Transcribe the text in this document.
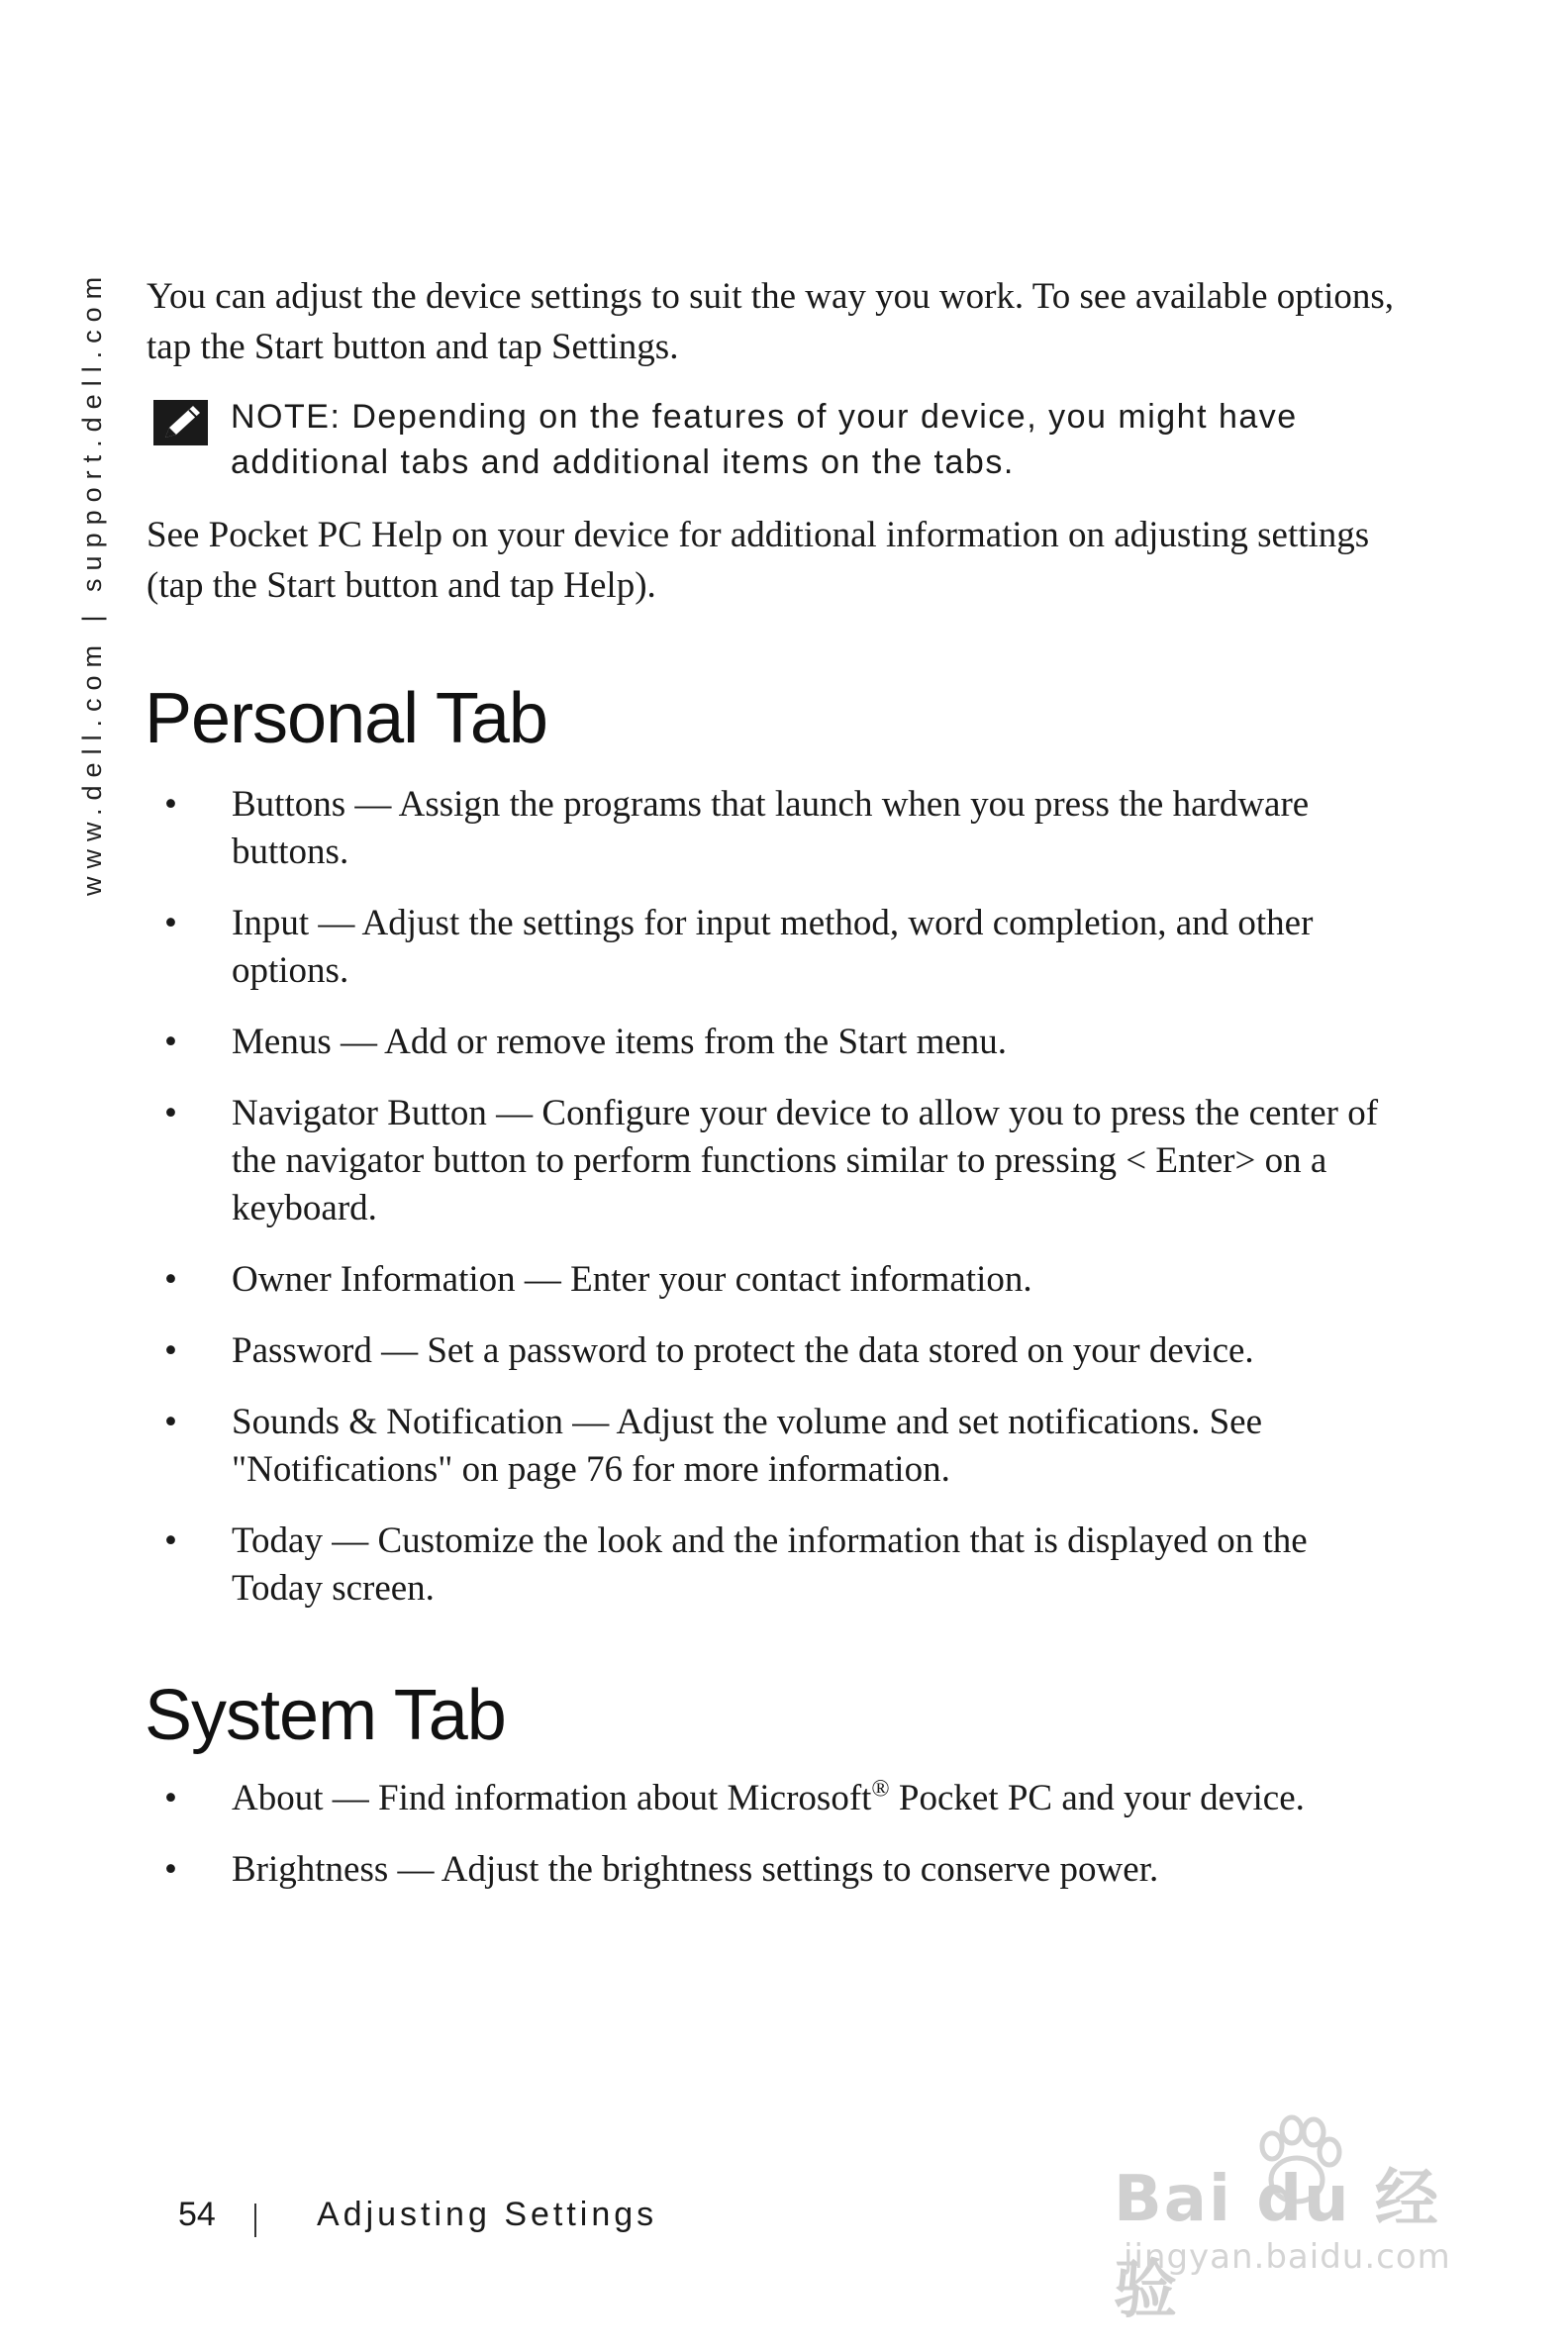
www.dell.com | support.dell.com You can adjust the device settings to suit the way you work. To see available options, tap the Start button and tap Settings.

NOTE: Depending on the features of your device, you might have additional tabs and additional items on the tabs.

See Pocket PC Help on your device for additional information on adjusting settings (tap the Start button and tap Help).

Personal Tab
• Buttons — Assign the programs that launch when you press the hardware buttons.
• Input — Adjust the settings for input method, word completion, and other options.
• Menus — Add or remove items from the Start menu.
• Navigator Button — Configure your device to allow you to press the center of the navigator button to perform functions similar to pressing < Enter> on a keyboard.
• Owner Information — Enter your contact information.
• Password — Set a password to protect the data stored on your device.
• Sounds & Notification — Adjust the volume and set notifications. See "Notifications" on page 76 for more information.
• Today — Customize the look and the information that is displayed on the Today screen.
System Tab
• About — Find information about Microsoft® Pocket PC and your device.
• Brightness — Adjust the brightness settings to conserve power.
54	Adjusting Settings	Bai du 经验
jingyan.baidu.com
